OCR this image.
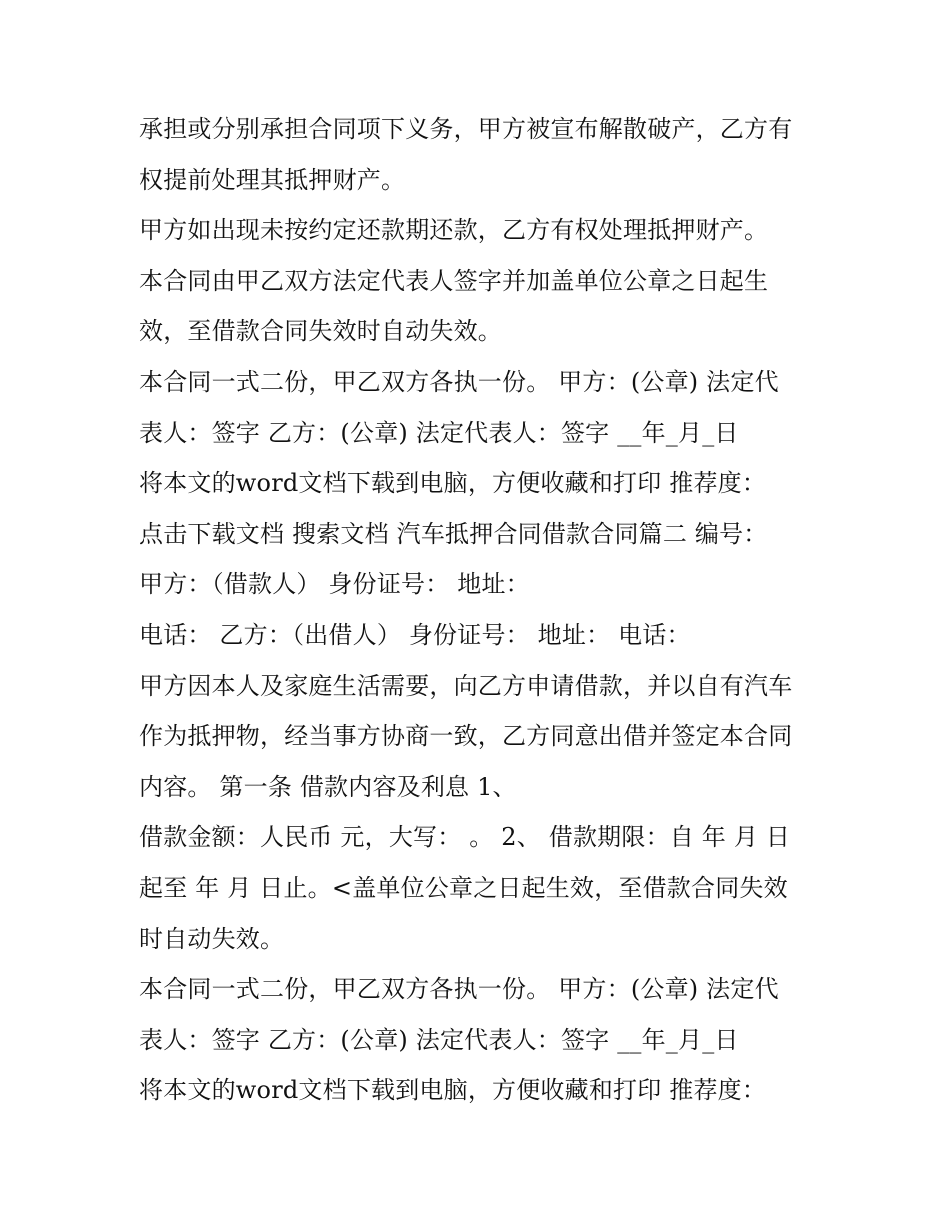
承担或分别承担合同项下义务，甲方被宣布解散破产，乙方有
权提前处理其抵押财产。
甲方如出现未按约定还款期还款，乙方有权处理抵押财产。
本合同由甲乙双方法定代表人签字并加盖单位公章之日起生
效，至借款合同失效时自动失效。
本合同一式二份，甲乙双方各执一份。 甲方：(公章) 法定代
表人：签字 乙方：(公章) 法定代表人：签字 __年_月_日
将本文的word文档下载到电脑，方便收藏和打印 推荐度：
点击下载文档 搜索文档 汽车抵押合同借款合同篇二 编号：
甲方：（借款人） 身份证号： 地址：
电话： 乙方：（出借人） 身份证号： 地址： 电话：
甲方因本人及家庭生活需要，向乙方申请借款，并以自有汽车
作为抵押物，经当事方协商一致，乙方同意出借并签定本合同
内容。 第一条 借款内容及利息 1、
借款金额：人民币 元，大写： 。 2、 借款期限：自 年 月 日
起至 年 月 日止。<盖单位公章之日起生效，至借款合同失效
时自动失效。
本合同一式二份，甲乙双方各执一份。 甲方：(公章) 法定代
表人：签字 乙方：(公章) 法定代表人：签字 __年_月_日
将本文的word文档下载到电脑，方便收藏和打印 推荐度：
